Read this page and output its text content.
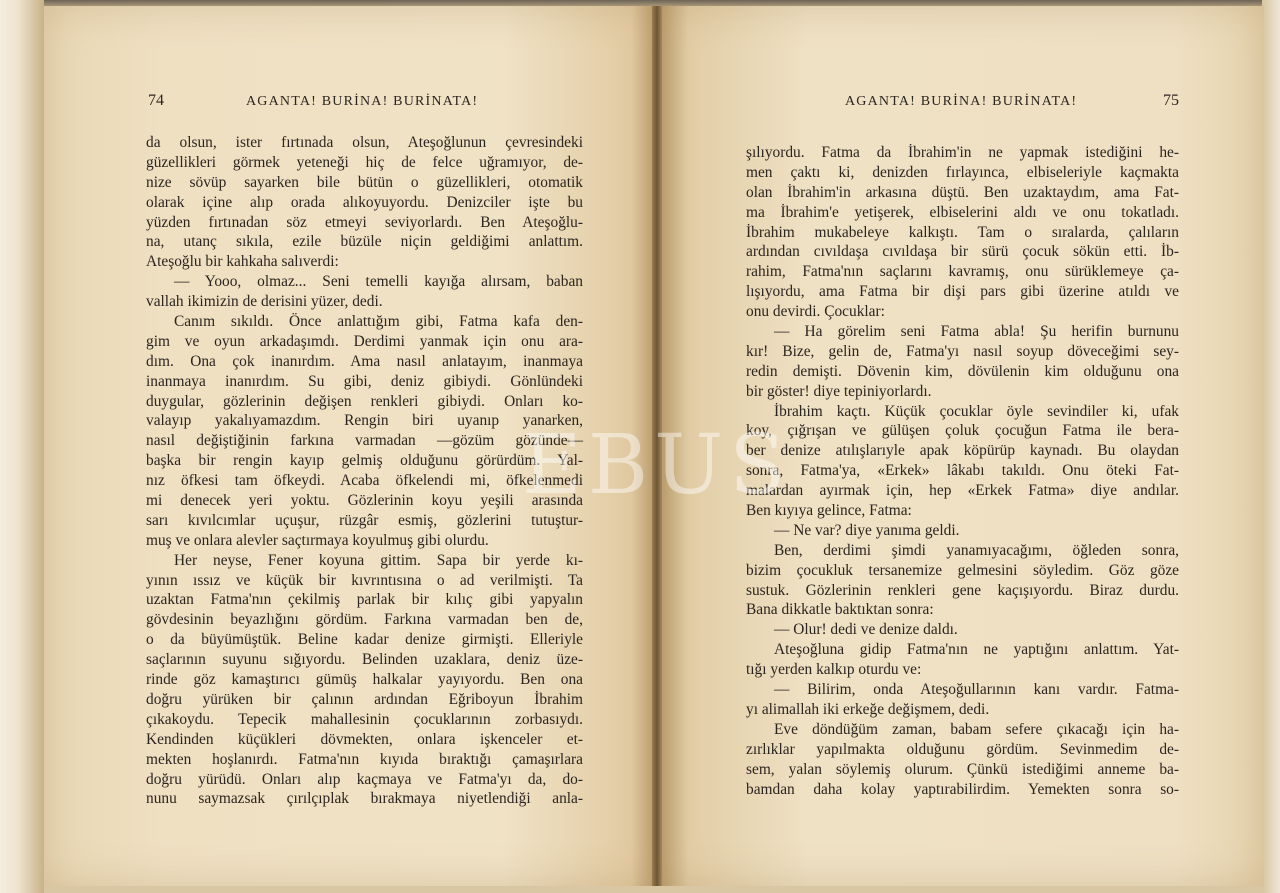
74	AGANTA! BURİNA! BURİNATA!	AGANTA! BURİNA! BURİNATA!	75

da olsun, ister fırtınada olsun, Ateşoğlunun çevresindeki

güzellikleri görmek yeteneği hiç de felce uğramıyor, de-

nize sövüp sayarken bile bütün o güzellikleri, otomatik

olarak içine alıp orada alıkoyuyordu. Denizciler işte bu

yüzden fırtınadan söz etmeyi seviyorlardı. Ben Ateşoğlu-

na, utanç sıkıla, ezile büzüle niçin geldiğimi anlattım.

Ateşoğlu bir kahkaha salıverdi:

— Yooo, olmaz... Seni temelli kayığa alırsam, baban

vallah ikimizin de derisini yüzer, dedi.

Canım sıkıldı. Önce anlattığım gibi, Fatma kafa den-

gim ve oyun arkadaşımdı. Derdimi yanmak için onu ara-

dım. Ona çok inanırdım. Ama nasıl anlatayım, inanmaya

inanmaya inanırdım. Su gibi, deniz gibiydi. Gönlündeki

duygular, gözlerinin değişen renkleri gibiydi. Onları ko-

valayıp yakalıyamazdım. Rengin biri uyanıp yanarken,

nasıl değiştiğinin farkına varmadan —gözüm gözünde—

başka bir rengin kayıp gelmiş olduğunu görürdüm. Yal-

nız öfkesi tam öfkeydi. Acaba öfkelendi mi, öfkelenmedi

mi denecek yeri yoktu. Gözlerinin koyu yeşili arasında

sarı kıvılcımlar uçuşur, rüzgâr esmiş, gözlerini tutuştur-

muş ve onlara alevler saçtırmaya koyulmuş gibi olurdu.

Her neyse, Fener koyuna gittim. Sapa bir yerde kı-

yının ıssız ve küçük bir kıvrıntısına o ad verilmişti. Ta

uzaktan Fatma'nın çekilmiş parlak bir kılıç gibi yapyalın

gövdesinin beyazlığını gördüm. Farkına varmadan ben de,

o da büyümüştük. Beline kadar denize girmişti. Elleriyle

saçlarının suyunu sığıyordu. Belinden uzaklara, deniz üze-

rinde göz kamaştırıcı gümüş halkalar yayıyordu. Ben ona

doğru yürüken bir çalının ardından Eğriboyun İbrahim

çıkakoydu. Tepecik mahallesinin çocuklarının zorbasıydı.

Kendinden küçükleri dövmekten, onlara işkenceler et-

mekten hoşlanırdı. Fatma'nın kıyıda bıraktığı çamaşırlara

doğru yürüdü. Onları alıp kaçmaya ve Fatma'yı da, do-

nunu saymazsak çırılçıplak bırakmaya niyetlendiği anla-

şılıyordu. Fatma da İbrahim'in ne yapmak istediğini he-

men çaktı ki, denizden fırlayınca, elbiseleriyle kaçmakta

olan İbrahim'in arkasına düştü. Ben uzaktaydım, ama Fat-

ma İbrahim'e yetişerek, elbiselerini aldı ve onu tokatladı.

İbrahim mukabeleye kalkıştı. Tam o sıralarda, çalıların

ardından cıvıldaşa cıvıldaşa bir sürü çocuk sökün etti. İb-

rahim, Fatma'nın saçlarını kavramış, onu sürüklemeye ça-

lışıyordu, ama Fatma bir dişi pars gibi üzerine atıldı ve

onu devirdi. Çocuklar:

— Ha görelim seni Fatma abla! Şu herifin burnunu

kır! Bize, gelin de, Fatma'yı nasıl soyup döveceğimi sey-

redin demişti. Dövenin kim, dövülenin kim olduğunu ona

bir göster! diye tepiniyorlardı.

İbrahim kaçtı. Küçük çocuklar öyle sevindiler ki, ufak

koy, çığrışan ve gülüşen çoluk çocuğun Fatma ile bera-

ber denize atılışlarıyle apak köpürüp kaynadı. Bu olaydan

sonra, Fatma'ya, «Erkek» lâkabı takıldı. Onu öteki Fat-

malardan ayırmak için, hep «Erkek Fatma» diye andılar.

Ben kıyıya gelince, Fatma:

— Ne var? diye yanıma geldi.

Ben, derdimi şimdi yanamıyacağımı, öğleden sonra,

bizim çocukluk tersanemize gelmesini söyledim. Göz göze

sustuk. Gözlerinin renkleri gene kaçışıyordu. Biraz durdu.

Bana dikkatle baktıktan sonra:

— Olur! dedi ve denize daldı.

Ateşoğluna gidip Fatma'nın ne yaptığını anlattım. Yat-

tığı yerden kalkıp oturdu ve:

— Bilirim, onda Ateşoğullarının kanı vardır. Fatma-

yı alimallah iki erkeğe değişmem, dedi.

Eve döndüğüm zaman, babam sefere çıkacağı için ha-

zırlıklar yapılmakta olduğunu gördüm. Sevinmedim de-

sem, yalan söylemiş olurum. Çünkü istediğimi anneme ba-

bamdan daha kolay yaptırabilirdim. Yemekten sonra so-

EBUS
